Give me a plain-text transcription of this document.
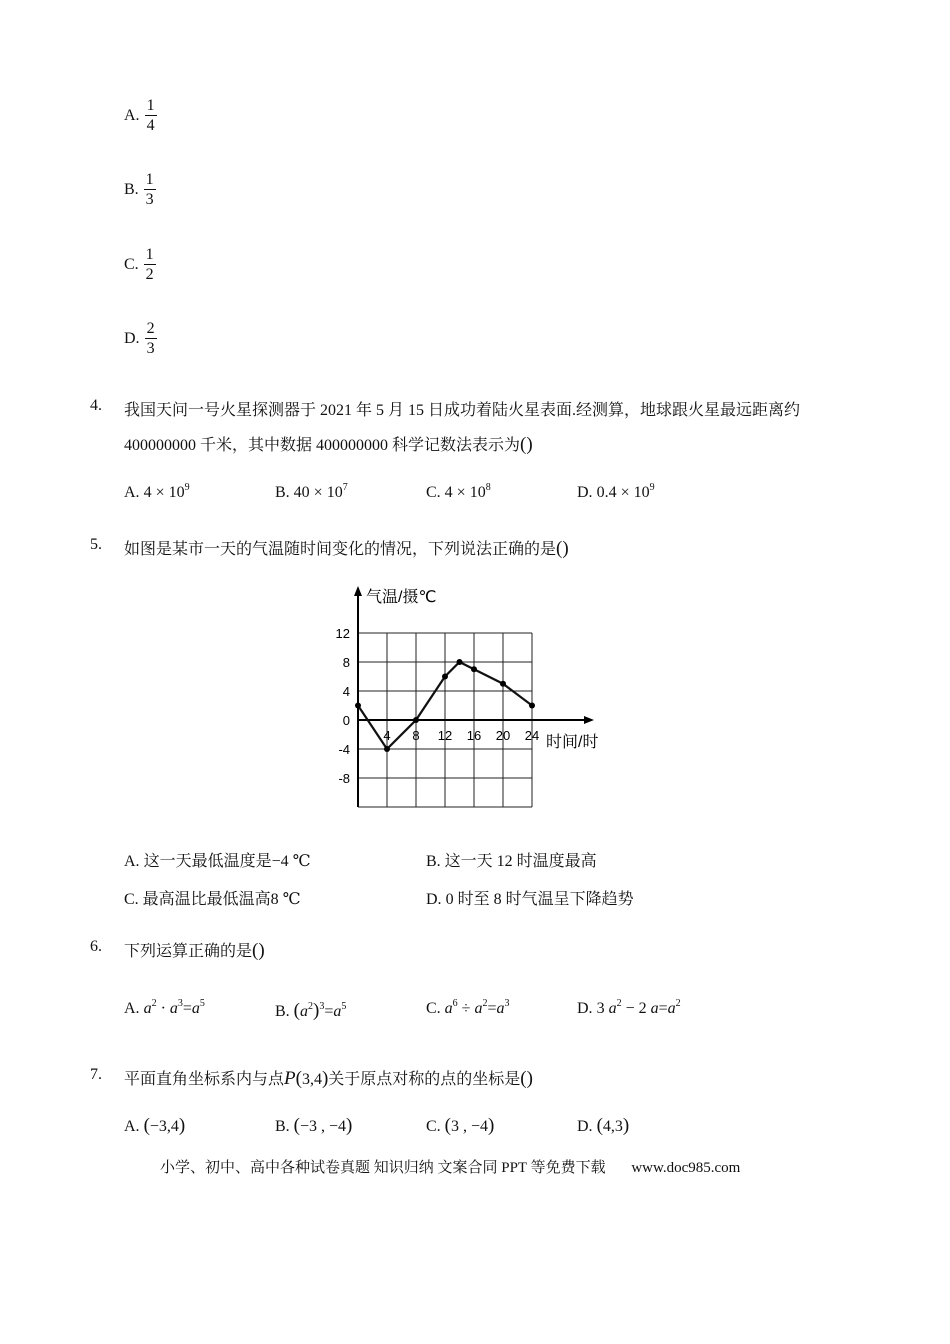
A. $\frac{1}{4}$
B. $\frac{1}{3}$
C. $\frac{1}{2}$
D. $\frac{2}{3}$
4. 我国天问一号火星探测器于 2021 年 5 月 15 日成功着陆火星表面.经测算，地球跟火星最远距离约
400000000 千米，其中数据 400000000 科学记数法表示为()
A. $4 \times 10^9$	B. $40 \times 10^7$	C. $4 \times 10^8$	D. $0.4 \times 10^9$
5. 如图是某市一天的气温随时间变化的情况，下列说法正确的是()
气温/摄℃
时间/时
12
8
4
0
-4
-8
4 8 12 16 20 24
A. 这一天最低温度是−4 ℃	B. 这一天 12 时温度最高
C. 最高温比最低温高8 ℃	D. 0 时至 8 时气温呈下降趋势
6. 下列运算正确的是()
A. $a^2 \cdot a^3=a^5$	B. $(a^2)^3=a^5$	C. $a^6 \div a^2=a^3$	D. 3 $a^2 - 2$ $a=a^2$
7. 平面直角坐标系内与点P(3,4)关于原点对称的点的坐标是()
A. (−3,4)	B. (−3 , −4)	C. (3 , −4)	D. (4,3)
小学、初中、高中各种试卷真题 知识归纳 文案合同 PPT 等免费下载 www.doc985.com
